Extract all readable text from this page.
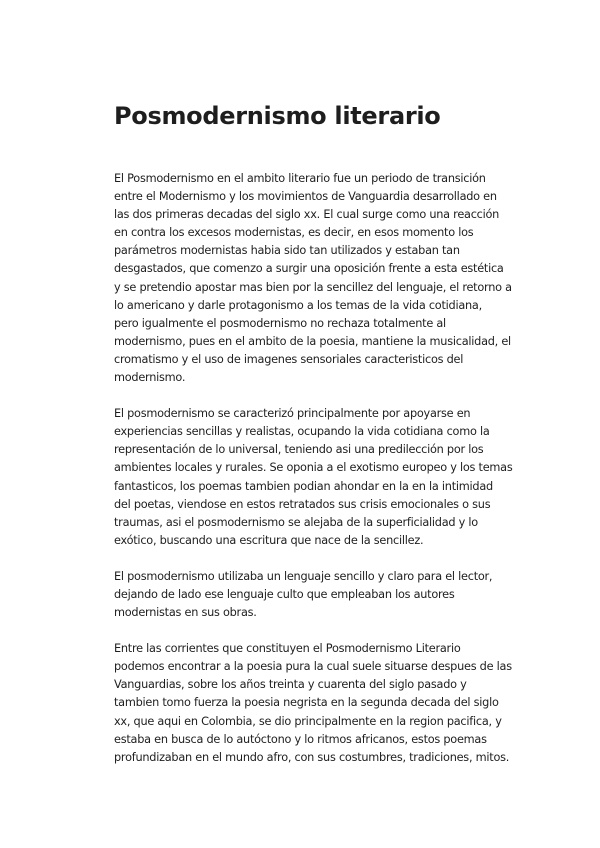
Posmodernismo literario

El Posmodernismo en el ambito literario fue un periodo de transición
entre el Modernismo y los movimientos de Vanguardia desarrollado en
las dos primeras decadas del siglo xx. El cual surge como una reacción
en contra los excesos modernistas, es decir, en esos momento los
parámetros modernistas habia sido tan utilizados y estaban tan
desgastados, que comenzo a surgir una oposición frente a esta estética
y se pretendio apostar mas bien por la sencillez del lenguaje, el retorno a
lo americano y darle protagonismo a los temas de la vida cotidiana,
pero igualmente el posmodernismo no rechaza totalmente al
modernismo, pues en el ambito de la poesia, mantiene la musicalidad, el
cromatismo y el uso de imagenes sensoriales caracteristicos del
modernismo.

El posmodernismo se caracterizó principalmente por apoyarse en
experiencias sencillas y realistas, ocupando la vida cotidiana como la
representación de lo universal, teniendo asi una predilección por los
ambientes locales y rurales. Se oponia a el exotismo europeo y los temas
fantasticos, los poemas tambien podian ahondar en la en la intimidad
del poetas, viendose en estos retratados sus crisis emocionales o sus
traumas, asi el posmodernismo se alejaba de la superficialidad y lo
exótico, buscando una escritura que nace de la sencillez.

El posmodernismo utilizaba un lenguaje sencillo y claro para el lector,
dejando de lado ese lenguaje culto que empleaban los autores
modernistas en sus obras.

Entre las corrientes que constituyen el Posmodernismo Literario
podemos encontrar a la poesia pura la cual suele situarse despues de las
Vanguardias, sobre los años treinta y cuarenta del siglo pasado y
tambien tomo fuerza la poesia negrista en la segunda decada del siglo
xx, que aqui en Colombia, se dio principalmente en la region pacifica, y
estaba en busca de lo autóctono y lo ritmos africanos, estos poemas
profundizaban en el mundo afro, con sus costumbres, tradiciones, mitos.
